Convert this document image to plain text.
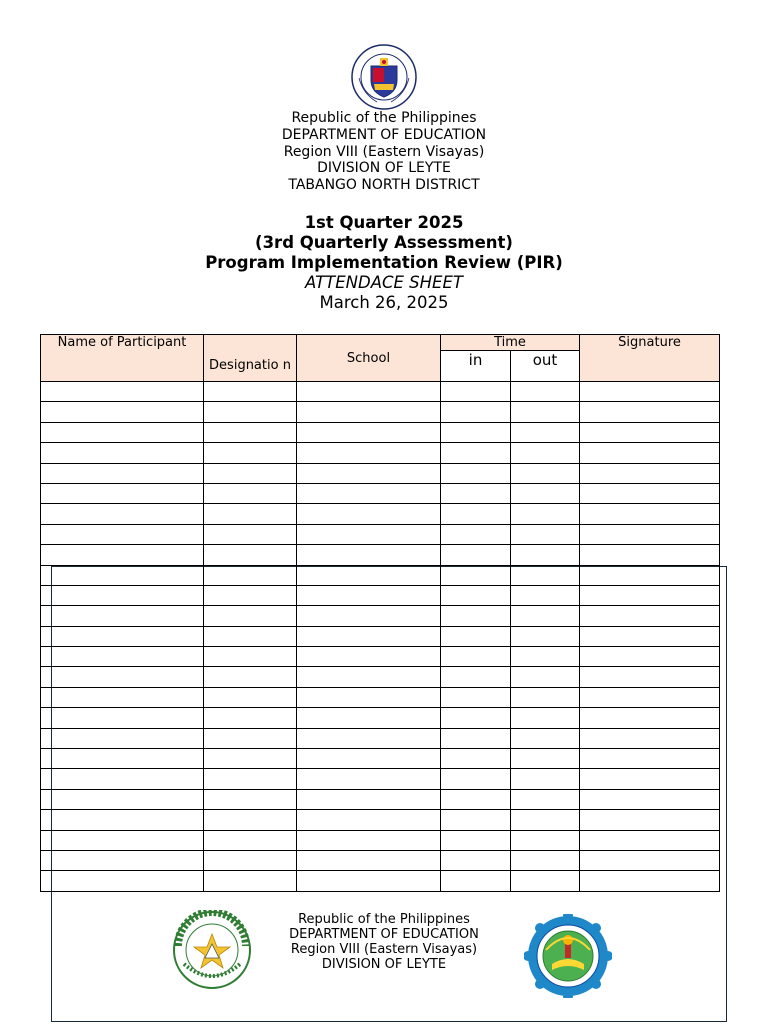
Republic of the Philippines
DEPARTMENT OF EDUCATION
Region VIII (Eastern Visayas)
DIVISION OF LEYTE
TABANGO NORTH DISTRICT
1st Quarter 2025
(3rd Quarterly Assessment)
Program Implementation Review (PIR)
ATTENDACE SHEET
March 26, 2025
Name of Participant	Designatio n	School	Time		Signature
			in	out	

Republic of the Philippines
DEPARTMENT OF EDUCATION
Region VIII (Eastern Visayas)
DIVISION OF LEYTE
